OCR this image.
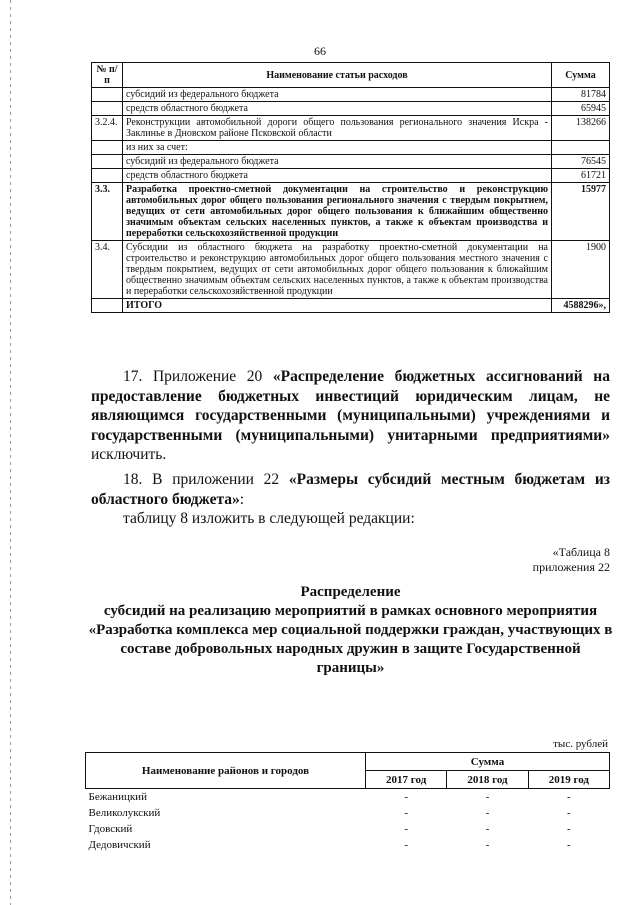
66
№ п/п	Наименование статьи расходов	Сумма
	субсидий из федерального бюджета	81784
	средств областного бюджета	65945
3.2.4.	Реконструкции автомобильной дороги общего пользования регионального значения Искра - Заклинье в Дновском районе Псковской области	138266
	из них за счет:	
	субсидий из федерального бюджета	76545
	средств областного бюджета	61721
3.3.	Разработка проектно-сметной документации на строительство и реконструкцию автомобильных дорог общего пользования регионального значения с твердым покрытием, ведущих от сети автомобильных дорог общего пользования к ближайшим общественно значимым объектам сельских населенных пунктов, а также к объектам производства и переработки сельскохозяйственной продукции	15977
3.4.	Субсидии из областного бюджета на разработку проектно-сметной документации на строительство и реконструкцию автомобильных дорог общего пользования местного значения с твердым покрытием, ведущих от сети автомобильных дорог общего пользования к ближайшим общественно значимым объектам сельских населенных пунктов, а также к объектам производства и переработки сельскохозяйственной продукции	1900
	ИТОГО	4588296»,
17. Приложение 20 «Распределение бюджетных ассигнований на предоставление бюджетных инвестиций юридическим лицам, не являющимся государственными (муниципальными) учреждениями и государственными (муниципальными) унитарными предприятиями» исключить.
18. В приложении 22 «Размеры субсидий местным бюджетам из областного бюджета»:
таблицу 8 изложить в следующей редакции:
«Таблица 8
приложения 22
Распределение
субсидий на реализацию мероприятий в рамках основного мероприятия «Разработка комплекса мер социальной поддержки граждан, участвующих в составе добровольных народных дружин в защите Государственной границы»
тыс. рублей
Наименование районов и городов	Сумма		
	2017 год	2018 год	2019 год
Бежаницкий	-	-	-
Великолукский	-	-	-
Гдовский	-	-	-
Дедовичский	-	-	-
